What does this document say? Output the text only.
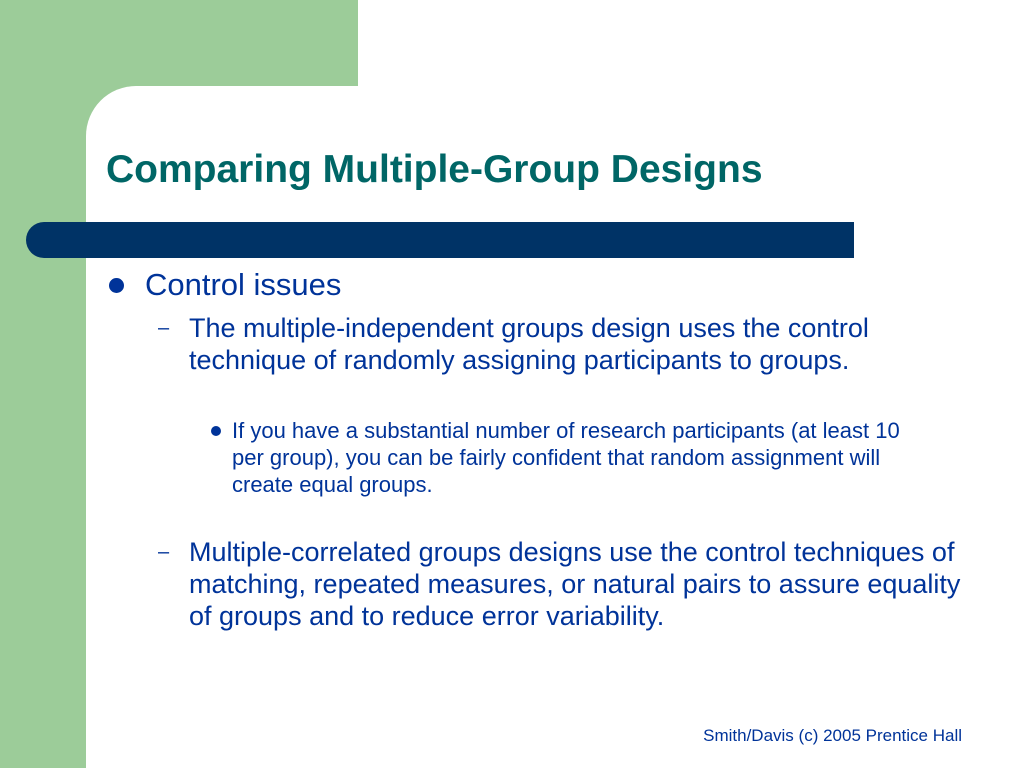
Comparing Multiple-Group Designs

Control issues

– The multiple-independent groups design uses the control technique of randomly assigning participants to groups.

If you have a substantial number of research participants (at least 10 per group), you can be fairly confident that random assignment will create equal groups.

– Multiple-correlated groups designs use the control techniques of matching, repeated measures, or natural pairs to assure equality of groups and to reduce error variability.

Smith/Davis (c) 2005 Prentice Hall
